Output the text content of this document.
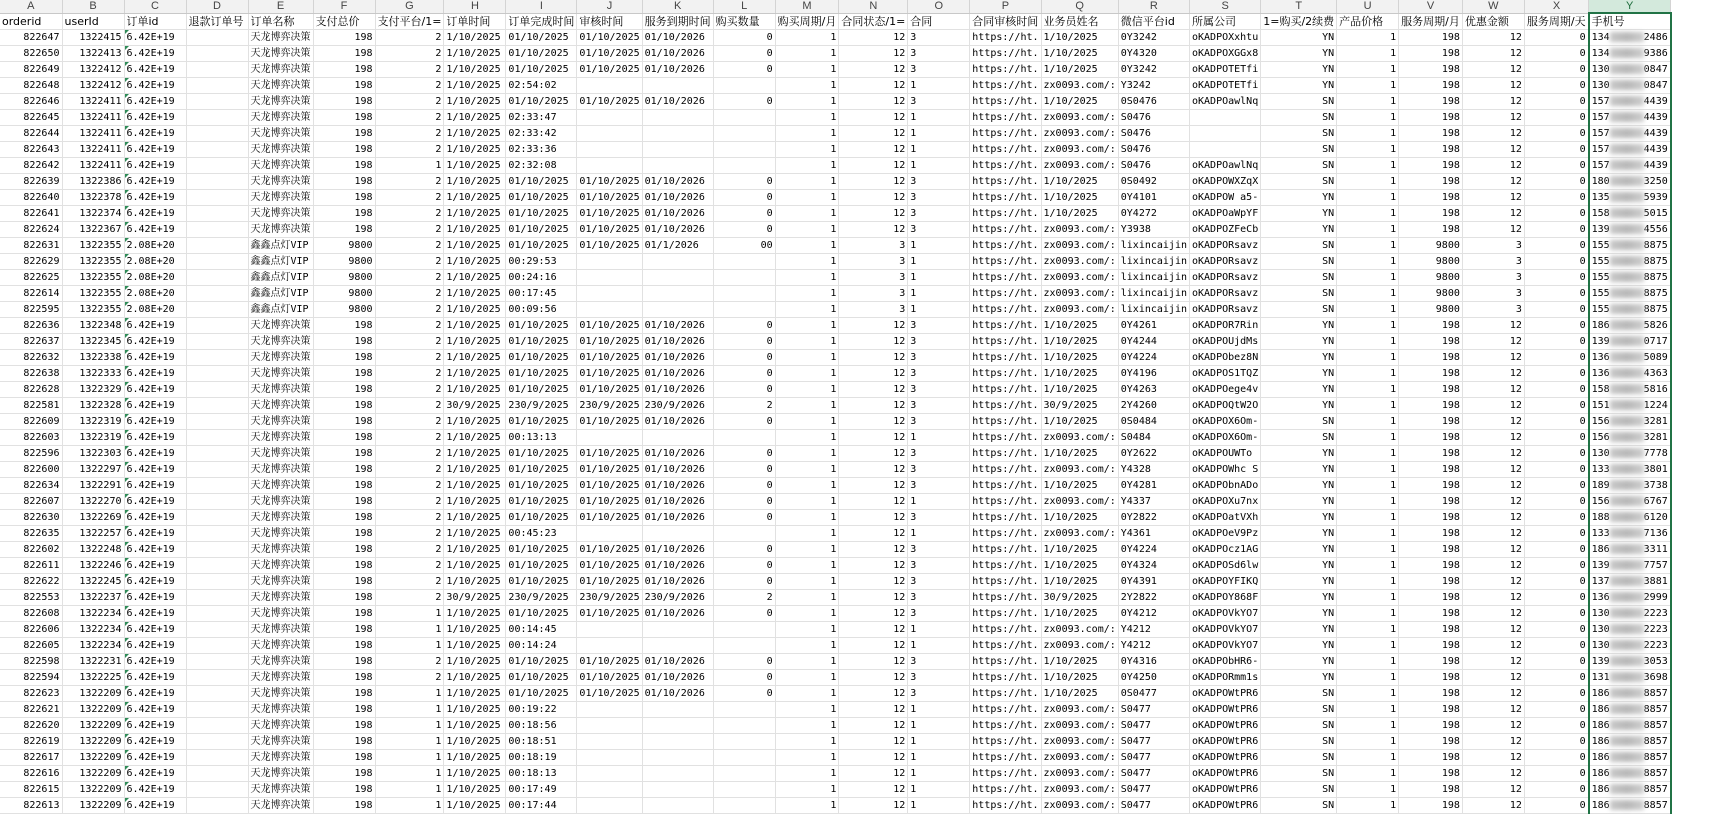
A	B	C	D	E	F	G	H	I	J	K	L	M	N	O	P	Q	R	S	T	U	V	W	X	Y
orderid	userId	订单id	退款订单号	订单名称	支付总价	支付平台/1=	订单时间	订单完成时间	审核时间	服务到期时间	购买数量	购买周期/月	合同状态/1=	合同	合同审核时间	业务员姓名	微信平台id	所属公司	1=购买/2续费	产品价格	服务周期/月	优惠金额	服务周期/天	手机号
822647	1322415	6.42E+19		天龙博弈决策	198	2	1/10/2025	01/10/2025	01/10/2025	01/10/2026	0	1	12	3	https://ht.	1/10/2025	0Y3242	oKADPOXxhtu	YN	1	198	12	0	134 2486
822650	1322413	6.42E+19		天龙博弈决策	198	2	1/10/2025	01/10/2025	01/10/2025	01/10/2026	0	1	12	3	https://ht.	1/10/2025	0Y4320	oKADPOXGGx8	YN	1	198	12	0	134 9386
822649	1322412	6.42E+19		天龙博弈决策	198	2	1/10/2025	01/10/2025	01/10/2025	01/10/2026	0	1	12	3	https://ht.	1/10/2025	0Y3242	oKADPOTETfi	YN	1	198	12	0	130 0847
822648	1322412	6.42E+19		天龙博弈决策	198	2	1/10/2025	02:54:02				1	12	1	https://ht.	zx0093.com/:	Y3242	oKADPOTETfi	YN	1	198	12	0	130 0847
822646	1322411	6.42E+19		天龙博弈决策	198	2	1/10/2025	01/10/2025	01/10/2025	01/10/2026	0	1	12	3	https://ht.	1/10/2025	0S0476	oKADPOawlNq	SN	1	198	12	0	157 4439
822645	1322411	6.42E+19		天龙博弈决策	198	2	1/10/2025	02:33:47				1	12	1	https://ht.	zx0093.com/:	S0476		SN	1	198	12	0	157 4439
822644	1322411	6.42E+19		天龙博弈决策	198	2	1/10/2025	02:33:42				1	12	1	https://ht.	zx0093.com/:	S0476		SN	1	198	12	0	157 4439
822643	1322411	6.42E+19		天龙博弈决策	198	2	1/10/2025	02:33:36				1	12	1	https://ht.	zx0093.com/:	S0476		SN	1	198	12	0	157 4439
822642	1322411	6.42E+19		天龙博弈决策	198	1	1/10/2025	02:32:08				1	12	1	https://ht.	zx0093.com/:	S0476	oKADPOawlNq	SN	1	198	12	0	157 4439
822639	1322386	6.42E+19		天龙博弈决策	198	2	1/10/2025	01/10/2025	01/10/2025	01/10/2026	0	1	12	3	https://ht.	1/10/2025	0S0492	oKADPOWXZqX	SN	1	198	12	0	180 3250
822640	1322378	6.42E+19		天龙博弈决策	198	2	1/10/2025	01/10/2025	01/10/2025	01/10/2026	0	1	12	3	https://ht.	1/10/2025	0Y4101	oKADPOW a5-	YN	1	198	12	0	135 5939
822641	1322374	6.42E+19		天龙博弈决策	198	2	1/10/2025	01/10/2025	01/10/2025	01/10/2026	0	1	12	3	https://ht.	1/10/2025	0Y4272	oKADPOaWpYF	YN	1	198	12	0	158 5015
822624	1322367	6.42E+19		天龙博弈决策	198	2	1/10/2025	01/10/2025	01/10/2025	01/10/2026	0	1	12	3	https://ht.	zx0093.com/:	Y3938	oKADPOZFeCb	YN	1	198	12	0	139 4556
822631	1322355	2.08E+20		鑫鑫点灯VIP	9800	2	1/10/2025	01/10/2025	01/10/2025	01/1/2026	00	1	3	1	https://ht.	zx0093.com/:	lixincaijin	oKADPORsavz	SN	1	9800	3	0	155 8875
822629	1322355	2.08E+20		鑫鑫点灯VIP	9800	2	1/10/2025	00:29:53				1	3	1	https://ht.	zx0093.com/:	lixincaijin	oKADPORsavz	SN	1	9800	3	0	155 8875
822625	1322355	2.08E+20		鑫鑫点灯VIP	9800	2	1/10/2025	00:24:16				1	3	1	https://ht.	zx0093.com/:	lixincaijin	oKADPORsavz	SN	1	9800	3	0	155 8875
822614	1322355	2.08E+20		鑫鑫点灯VIP	9800	2	1/10/2025	00:17:45				1	3	1	https://ht.	zx0093.com/:	lixincaijin	oKADPORsavz	SN	1	9800	3	0	155 8875
822595	1322355	2.08E+20		鑫鑫点灯VIP	9800	2	1/10/2025	00:09:56				1	3	1	https://ht.	zx0093.com/:	lixincaijin	oKADPORsavz	SN	1	9800	3	0	155 8875
822636	1322348	6.42E+19		天龙博弈决策	198	2	1/10/2025	01/10/2025	01/10/2025	01/10/2026	0	1	12	3	https://ht.	1/10/2025	0Y4261	oKADPOR7Rin	YN	1	198	12	0	186 5826
822637	1322345	6.42E+19		天龙博弈决策	198	2	1/10/2025	01/10/2025	01/10/2025	01/10/2026	0	1	12	3	https://ht.	1/10/2025	0Y4244	oKADPOUjdMs	YN	1	198	12	0	139 0717
822632	1322338	6.42E+19		天龙博弈决策	198	2	1/10/2025	01/10/2025	01/10/2025	01/10/2026	0	1	12	3	https://ht.	1/10/2025	0Y4224	oKADPObez8N	YN	1	198	12	0	136 5089
822638	1322333	6.42E+19		天龙博弈决策	198	2	1/10/2025	01/10/2025	01/10/2025	01/10/2026	0	1	12	3	https://ht.	1/10/2025	0Y4196	oKADPOS1TQZ	YN	1	198	12	0	136 4363
822628	1322329	6.42E+19		天龙博弈决策	198	2	1/10/2025	01/10/2025	01/10/2025	01/10/2026	0	1	12	3	https://ht.	1/10/2025	0Y4263	oKADPOege4v	YN	1	198	12	0	158 5816
822581	1322328	6.42E+19		天龙博弈决策	198	2	30/9/2025	230/9/2025	230/9/2025	230/9/2026	2	1	12	3	https://ht.	30/9/2025	2Y4260	oKADPOQtW2O	YN	1	198	12	0	151 1224
822609	1322319	6.42E+19		天龙博弈决策	198	2	1/10/2025	01/10/2025	01/10/2025	01/10/2026	0	1	12	3	https://ht.	1/10/2025	0S0484	oKADPOX6Om-	SN	1	198	12	0	156 3281
822603	1322319	6.42E+19		天龙博弈决策	198	2	1/10/2025	00:13:13				1	12	1	https://ht.	zx0093.com/:	S0484	oKADPOX6Om-	SN	1	198	12	0	156 3281
822596	1322303	6.42E+19		天龙博弈决策	198	2	1/10/2025	01/10/2025	01/10/2025	01/10/2026	0	1	12	3	https://ht.	1/10/2025	0Y2622	oKADPOUWTo	YN	1	198	12	0	130 7778
822600	1322297	6.42E+19		天龙博弈决策	198	2	1/10/2025	01/10/2025	01/10/2025	01/10/2026	0	1	12	3	https://ht.	zx0093.com/:	Y4328	oKADPOWhc S	YN	1	198	12	0	133 3801
822634	1322291	6.42E+19		天龙博弈决策	198	2	1/10/2025	01/10/2025	01/10/2025	01/10/2026	0	1	12	3	https://ht.	1/10/2025	0Y4281	oKADPObnADo	YN	1	198	12	0	189 3738
822607	1322270	6.42E+19		天龙博弈决策	198	2	1/10/2025	01/10/2025	01/10/2025	01/10/2026	0	1	12	1	https://ht.	zx0093.com/:	Y4337	oKADPOXu7nx	YN	1	198	12	0	156 6767
822630	1322269	6.42E+19		天龙博弈决策	198	2	1/10/2025	01/10/2025	01/10/2025	01/10/2026	0	1	12	3	https://ht.	1/10/2025	0Y2822	oKADPOatVXh	YN	1	198	12	0	188 6120
822635	1322257	6.42E+19		天龙博弈决策	198	2	1/10/2025	00:45:23				1	12	1	https://ht.	zx0093.com/:	Y4361	oKADPOeV9Pz	YN	1	198	12	0	133 7136
822602	1322248	6.42E+19		天龙博弈决策	198	2	1/10/2025	01/10/2025	01/10/2025	01/10/2026	0	1	12	3	https://ht.	1/10/2025	0Y4224	oKADPOcz1AG	YN	1	198	12	0	186 3311
822611	1322246	6.42E+19		天龙博弈决策	198	2	1/10/2025	01/10/2025	01/10/2025	01/10/2026	0	1	12	3	https://ht.	1/10/2025	0Y4324	oKADPOSd6lw	YN	1	198	12	0	139 7757
822622	1322245	6.42E+19		天龙博弈决策	198	2	1/10/2025	01/10/2025	01/10/2025	01/10/2026	0	1	12	3	https://ht.	1/10/2025	0Y4391	oKADPOYFIKQ	YN	1	198	12	0	137 3881
822553	1322237	6.42E+19		天龙博弈决策	198	2	30/9/2025	230/9/2025	230/9/2025	230/9/2026	2	1	12	3	https://ht.	30/9/2025	2Y2822	oKADPOY868F	YN	1	198	12	0	136 2999
822608	1322234	6.42E+19		天龙博弈决策	198	1	1/10/2025	01/10/2025	01/10/2025	01/10/2026	0	1	12	3	https://ht.	1/10/2025	0Y4212	oKADPOVkYO7	YN	1	198	12	0	130 2223
822606	1322234	6.42E+19		天龙博弈决策	198	1	1/10/2025	00:14:45				1	12	1	https://ht.	zx0093.com/:	Y4212	oKADPOVkYO7	YN	1	198	12	0	130 2223
822605	1322234	6.42E+19		天龙博弈决策	198	1	1/10/2025	00:14:24				1	12	1	https://ht.	zx0093.com/:	Y4212	oKADPOVkYO7	YN	1	198	12	0	130 2223
822598	1322231	6.42E+19		天龙博弈决策	198	2	1/10/2025	01/10/2025	01/10/2025	01/10/2026	0	1	12	3	https://ht.	1/10/2025	0Y4316	oKADPObHR6-	YN	1	198	12	0	139 3053
822594	1322225	6.42E+19		天龙博弈决策	198	2	1/10/2025	01/10/2025	01/10/2025	01/10/2026	0	1	12	3	https://ht.	1/10/2025	0Y4250	oKADPORmm1s	YN	1	198	12	0	131 3698
822623	1322209	6.42E+19		天龙博弈决策	198	1	1/10/2025	01/10/2025	01/10/2025	01/10/2026	0	1	12	3	https://ht.	1/10/2025	0S0477	oKADPOWtPR6	SN	1	198	12	0	186 8857
822621	1322209	6.42E+19		天龙博弈决策	198	1	1/10/2025	00:19:22				1	12	1	https://ht.	zx0093.com/:	S0477	oKADPOWtPR6	SN	1	198	12	0	186 8857
822620	1322209	6.42E+19		天龙博弈决策	198	1	1/10/2025	00:18:56				1	12	1	https://ht.	zx0093.com/:	S0477	oKADPOWtPR6	SN	1	198	12	0	186 8857
822619	1322209	6.42E+19		天龙博弈决策	198	1	1/10/2025	00:18:51				1	12	1	https://ht.	zx0093.com/:	S0477	oKADPOWtPR6	SN	1	198	12	0	186 8857
822617	1322209	6.42E+19		天龙博弈决策	198	1	1/10/2025	00:18:19				1	12	1	https://ht.	zx0093.com/:	S0477	oKADPOWtPR6	SN	1	198	12	0	186 8857
822616	1322209	6.42E+19		天龙博弈决策	198	1	1/10/2025	00:18:13				1	12	1	https://ht.	zx0093.com/:	S0477	oKADPOWtPR6	SN	1	198	12	0	186 8857
822615	1322209	6.42E+19		天龙博弈决策	198	1	1/10/2025	00:17:49				1	12	1	https://ht.	zx0093.com/:	S0477	oKADPOWtPR6	SN	1	198	12	0	186 8857
822613	1322209	6.42E+19		天龙博弈决策	198	1	1/10/2025	00:17:44				1	12	1	https://ht.	zx0093.com/:	S0477	oKADPOWtPR6	SN	1	198	12	0	186 8857
